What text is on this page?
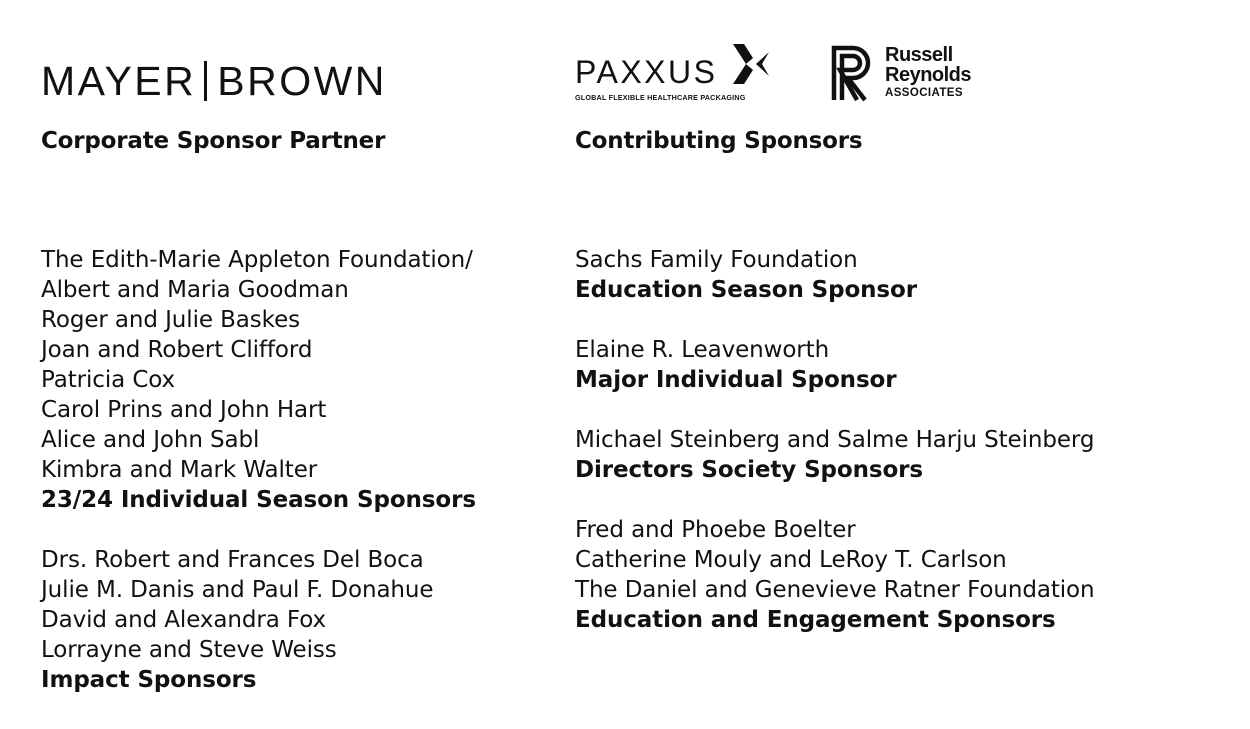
MAYER BROWN	PAXXUS
GLOBAL FLEXIBLE HEALTHCARE PACKAGING
Russell
Reynolds
ASSOCIATES
Corporate Sponsor Partner	Contributing Sponsors
The Edith-Marie Appleton Foundation/
Albert and Maria Goodman
Roger and Julie Baskes
Joan and Robert Clifford
Patricia Cox
Carol Prins and John Hart
Alice and John Sabl
Kimbra and Mark Walter
23/24 Individual Season Sponsors
Drs. Robert and Frances Del Boca
Julie M. Danis and Paul F. Donahue
David and Alexandra Fox
Lorrayne and Steve Weiss
Impact Sponsors
Sachs Family Foundation
Education Season Sponsor
Elaine R. Leavenworth
Major Individual Sponsor
Michael Steinberg and Salme Harju Steinberg
Directors Society Sponsors
Fred and Phoebe Boelter
Catherine Mouly and LeRoy T. Carlson
The Daniel and Genevieve Ratner Foundation
Education and Engagement Sponsors
